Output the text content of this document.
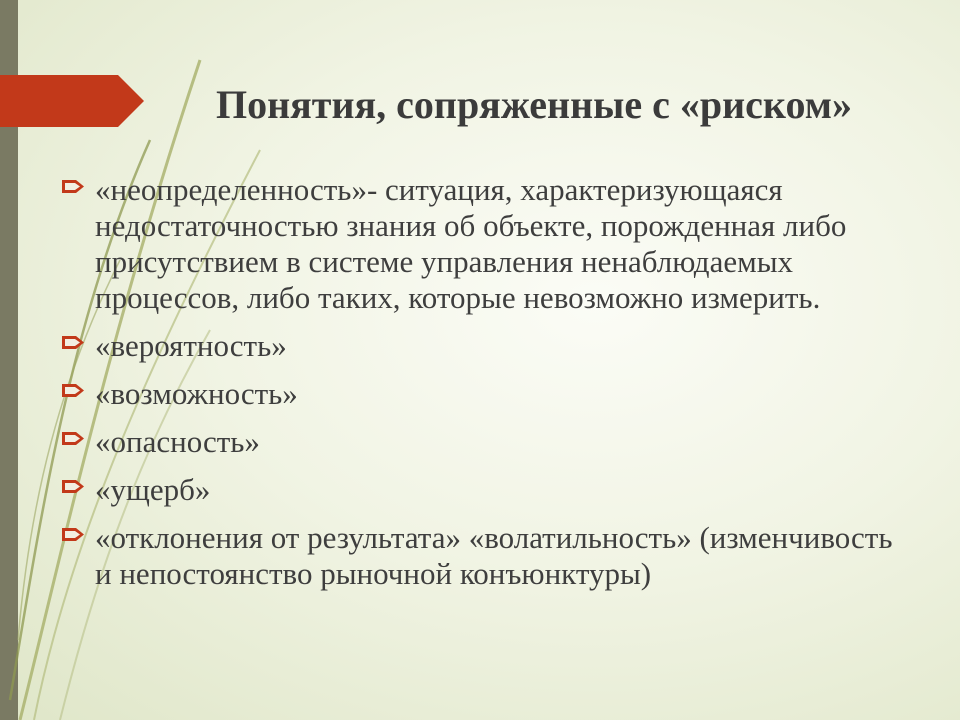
Понятия, сопряженные с «риском»
«неопределенность»- ситуация, характеризующаяся недостаточностью знания об объекте, порожденная либо присутствием в системе управления ненаблюдаемых процессов, либо таких, которые невозможно измерить.
«вероятность»
«возможность»
«опасность»
«ущерб»
«отклонения от результата» «волатильность» (изменчивость и непостоянство рыночной конъюнктуры)
